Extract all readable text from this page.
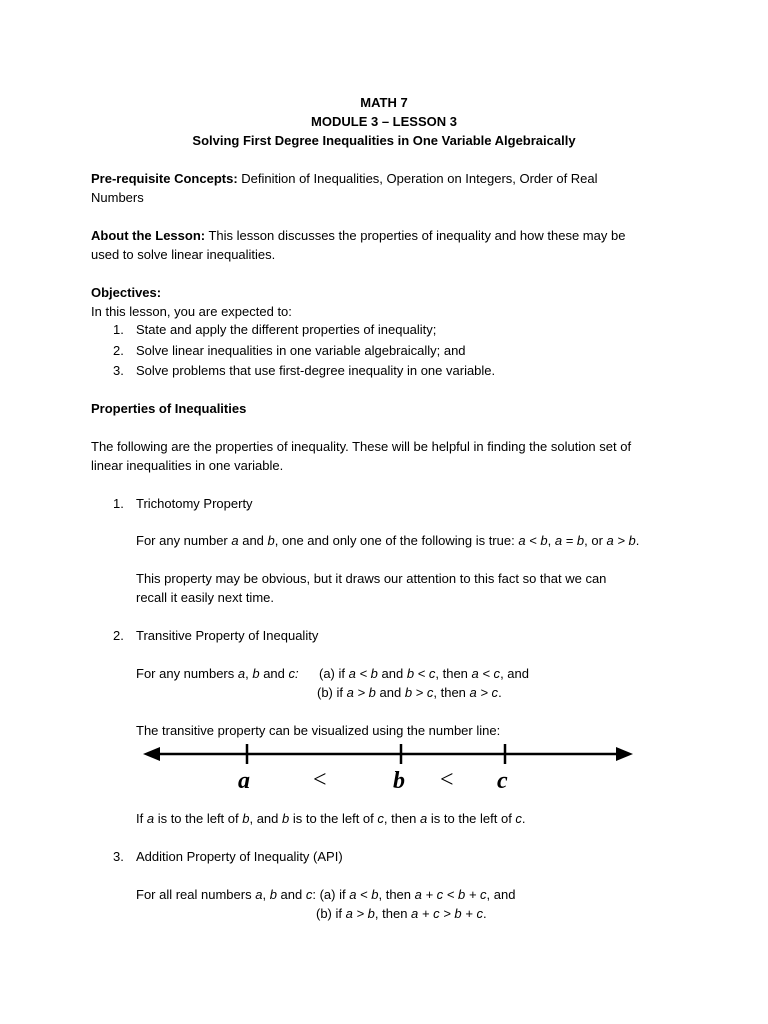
MATH 7
MODULE 3 – LESSON 3
Solving First Degree Inequalities in One Variable Algebraically
Pre-requisite Concepts: Definition of Inequalities, Operation on Integers, Order of Real
Numbers
About the Lesson: This lesson discusses the properties of inequality and how these may be
used to solve linear inequalities.
Objectives:
In this lesson, you are expected to:
1. State and apply the different properties of inequality;
2. Solve linear inequalities in one variable algebraically; and
3. Solve problems that use first-degree inequality in one variable.
Properties of Inequalities
The following are the properties of inequality. These will be helpful in finding the solution set of
linear inequalities in one variable.
1. Trichotomy Property
For any number a and b, one and only one of the following is true: a < b, a = b, or a > b.
This property may be obvious, but it draws our attention to this fact so that we can
recall it easily next time.
2. Transitive Property of Inequality
For any numbers a, b and c: (a) if a < b and b < c, then a < c, and
(b) if a > b and b > c, then a > c.
The transitive property can be visualized using the number line:
a	<	b < c
If a is to the left of b, and b is to the left of c, then a is to the left of c.
3. Addition Property of Inequality (API)
For all real numbers a, b and c: (a) if a < b, then a + c < b + c, and
(b) if a > b, then a + c > b + c.
